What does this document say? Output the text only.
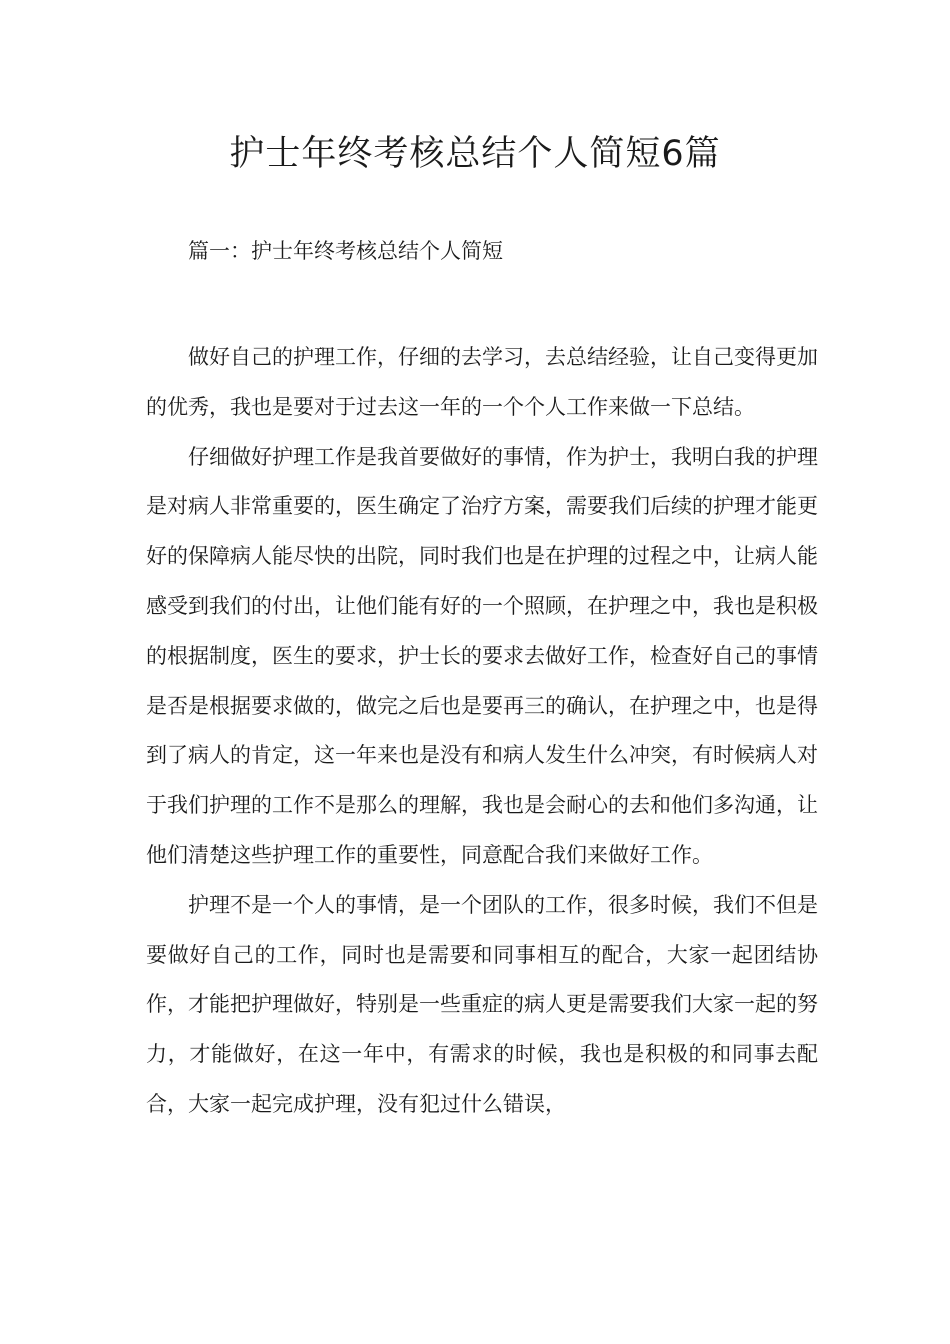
护士年终考核总结个人简短6篇
篇一：护士年终考核总结个人简短

做好自己的护理工作，仔细的去学习，去总结经验，让自己变得更加的优秀，我也是要对于过去这一年的一个个人工作来做一下总结。

仔细做好护理工作是我首要做好的事情，作为护士，我明白我的护理是对病人非常重要的，医生确定了治疗方案，需要我们后续的护理才能更好的保障病人能尽快的出院，同时我们也是在护理的过程之中，让病人能感受到我们的付出，让他们能有好的一个照顾，在护理之中，我也是积极的根据制度，医生的要求，护士长的要求去做好工作，检查好自己的事情是否是根据要求做的，做完之后也是要再三的确认，在护理之中，也是得到了病人的肯定，这一年来也是没有和病人发生什么冲突，有时候病人对于我们护理的工作不是那么的理解，我也是会耐心的去和他们多沟通，让他们清楚这些护理工作的重要性，同意配合我们来做好工作。

护理不是一个人的事情，是一个团队的工作，很多时候，我们不但是要做好自己的工作，同时也是需要和同事相互的配合，大家一起团结协作，才能把护理做好，特别是一些重症的病人更是需要我们大家一起的努力，才能做好，在这一年中，有需求的时候，我也是积极的和同事去配合，大家一起完成护理，没有犯过什么错误，
